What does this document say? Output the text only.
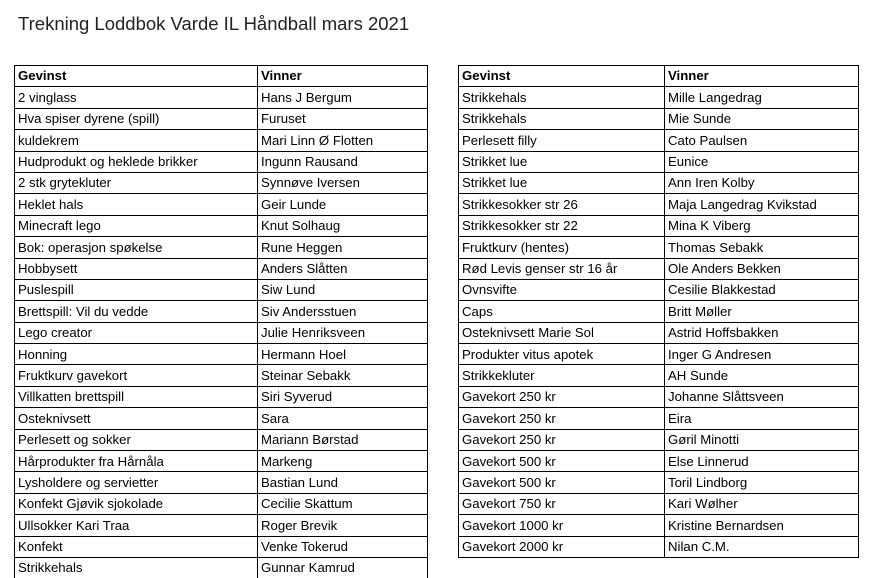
Trekning Loddbok Varde IL Håndball mars 2021
Gevinst	Vinner
2 vinglass	Hans J Bergum
Hva spiser dyrene (spill)	Furuset
kuldekrem	Mari Linn Ø Flotten
Hudprodukt og heklede brikker	Ingunn Rausand
2 stk grytekluter	Synnøve Iversen
Heklet hals	Geir Lunde
Minecraft lego	Knut Solhaug
Bok: operasjon spøkelse	Rune Heggen
Hobbysett	Anders Slåtten
Puslespill	Siw Lund
Brettspill: Vil du vedde	Siv Andersstuen
Lego creator	Julie Henriksveen
Honning	Hermann Hoel
Fruktkurv gavekort	Steinar Sebakk
Villkatten brettspill	Siri Syverud
Osteknivsett	Sara
Perlesett og sokker	Mariann Børstad
Hårprodukter fra Hårnåla	Markeng
Lysholdere og servietter	Bastian Lund
Konfekt Gjøvik sjokolade	Cecilie Skattum
Ullsokker Kari Traa	Roger Brevik
Konfekt	Venke Tokerud
Strikkehals	Gunnar Kamrud
Gevinst	Vinner
Strikkehals	Mille Langedrag
Strikkehals	Mie Sunde
Perlesett filly	Cato Paulsen
Strikket lue	Eunice
Strikket lue	Ann Iren Kolby
Strikkesokker str 26	Maja Langedrag Kvikstad
Strikkesokker str 22	Mina K Viberg
Fruktkurv (hentes)	Thomas Sebakk
Rød Levis genser str 16 år	Ole Anders Bekken
Ovnsvifte	Cesilie Blakkestad
Caps	Britt Møller
Osteknivsett Marie Sol	Astrid Hoffsbakken
Produkter vitus apotek	Inger G Andresen
Strikkekluter	AH Sunde
Gavekort 250 kr	Johanne Slåttsveen
Gavekort 250 kr	Eira
Gavekort 250 kr	Gøril Minotti
Gavekort 500 kr	Else Linnerud
Gavekort 500 kr	Toril Lindborg
Gavekort 750 kr	Kari Wølher
Gavekort 1000 kr	Kristine Bernardsen
Gavekort 2000 kr	Nilan C.M.
